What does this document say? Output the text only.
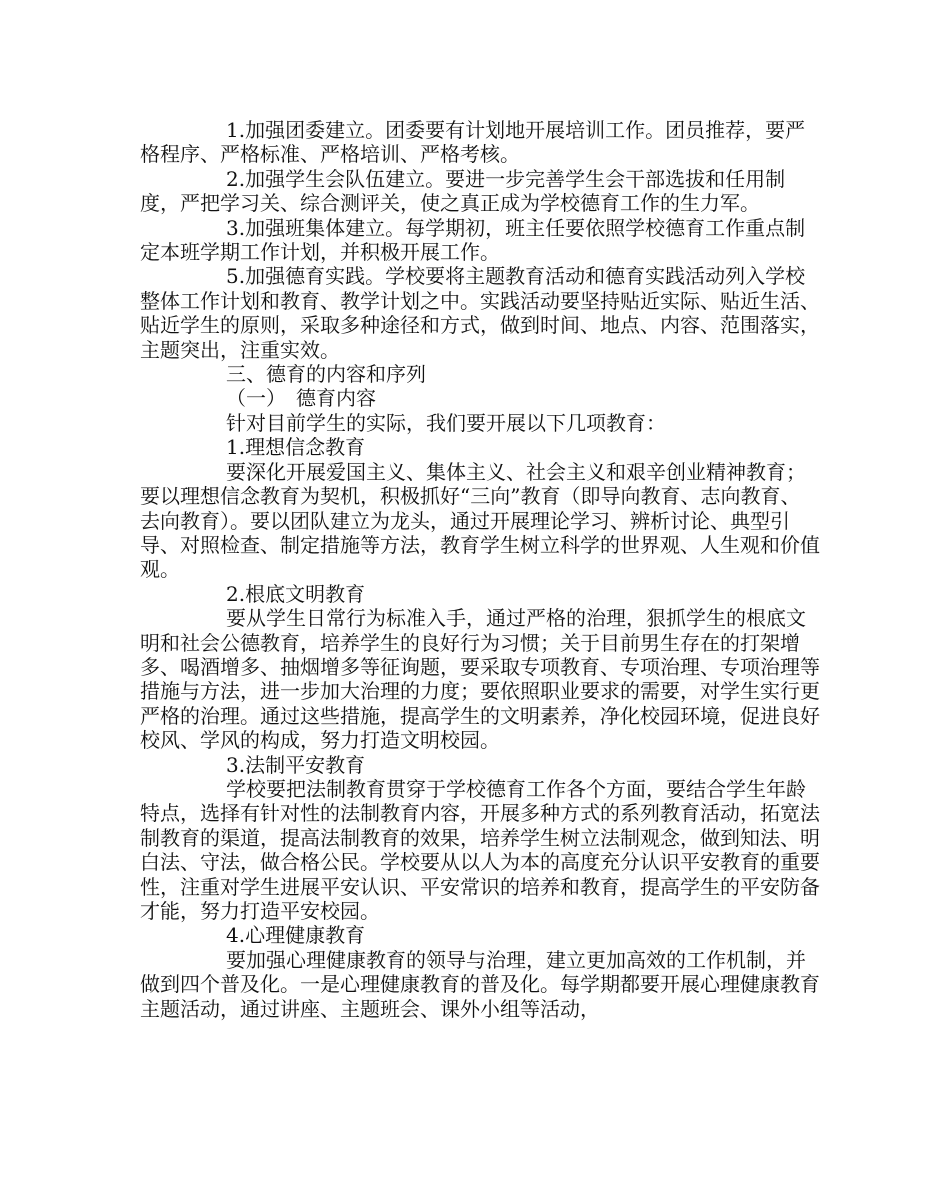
1.加强团委建立。团委要有计划地开展培训工作。团员推荐，要严格程序、严格标准、严格培训、严格考核。

2.加强学生会队伍建立。要进一步完善学生会干部选拔和任用制度，严把学习关、综合测评关，使之真正成为学校德育工作的生力军。

3.加强班集体建立。每学期初，班主任要依照学校德育工作重点制定本班学期工作计划，并积极开展工作。

5.加强德育实践。学校要将主题教育活动和德育实践活动列入学校整体工作计划和教育、教学计划之中。实践活动要坚持贴近实际、贴近生活、贴近学生的原则，采取多种途径和方式，做到时间、地点、内容、范围落实，主题突出，注重实效。

三、德育的内容和序列

（一）　德育内容

针对目前学生的实际，我们要开展以下几项教育：

1.理想信念教育

要深化开展爱国主义、集体主义、社会主义和艰辛创业精神教育；要以理想信念教育为契机，积极抓好“三向”教育（即导向教育、志向教育、去向教育）。要以团队建立为龙头，通过开展理论学习、辨析讨论、典型引导、对照检查、制定措施等方法，教育学生树立科学的世界观、人生观和价值观。

2.根底文明教育

要从学生日常行为标准入手，通过严格的治理，狠抓学生的根底文明和社会公德教育，培养学生的良好行为习惯；关于目前男生存在的打架增多、喝酒增多、抽烟增多等征询题，要采取专项教育、专项治理、专项治理等措施与方法，进一步加大治理的力度；要依照职业要求的需要，对学生实行更严格的治理。通过这些措施，提高学生的文明素养，净化校园环境，促进良好校风、学风的构成，努力打造文明校园。

3.法制平安教育

学校要把法制教育贯穿于学校德育工作各个方面，要结合学生年龄特点，选择有针对性的法制教育内容，开展多种方式的系列教育活动，拓宽法制教育的渠道，提高法制教育的效果，培养学生树立法制观念，做到知法、明白法、守法，做合格公民。学校要从以人为本的高度充分认识平安教育的重要性，注重对学生进展平安认识、平安常识的培养和教育，提高学生的平安防备才能，努力打造平安校园。

4.心理健康教育

要加强心理健康教育的领导与治理，建立更加高效的工作机制，并做到四个普及化。一是心理健康教育的普及化。每学期都要开展心理健康教育主题活动，通过讲座、主题班会、课外小组等活动，
